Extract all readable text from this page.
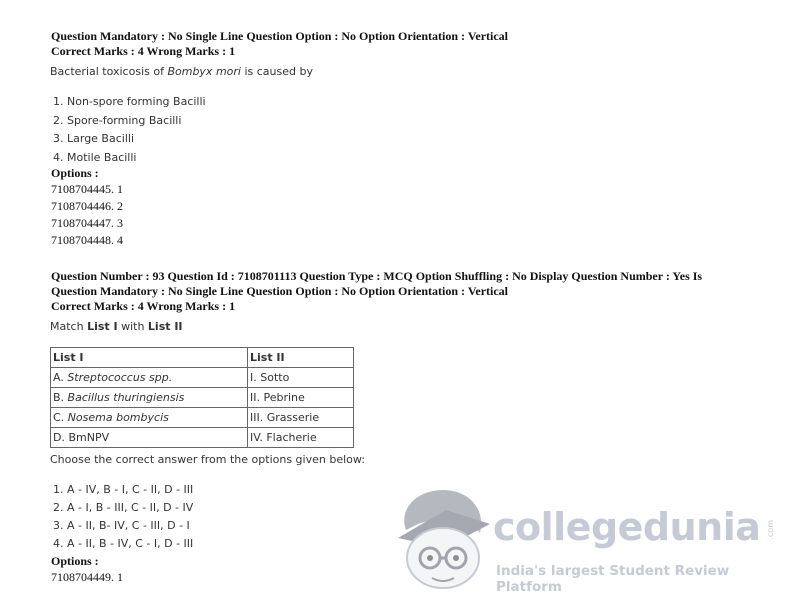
Question Mandatory : No Single Line Question Option : No Option Orientation : Vertical
Correct Marks : 4 Wrong Marks : 1
Bacterial toxicosis of Bombyx mori is caused by
1. Non-spore forming Bacilli
2. Spore-forming Bacilli
3. Large Bacilli
4. Motile Bacilli
Options :
7108704445. 1
7108704446. 2
7108704447. 3
7108704448. 4
Question Number : 93 Question Id : 7108701113 Question Type : MCQ Option Shuffling : No Display Question Number : Yes Is
Question Mandatory : No Single Line Question Option : No Option Orientation : Vertical
Correct Marks : 4 Wrong Marks : 1
Match List I with List II
List I	List II
A. Streptococcus spp.	I. Sotto
B. Bacillus thuringiensis	II. Pebrine
C. Nosema bombycis	III. Grasserie
D. BmNPV	IV. Flacherie
Choose the correct answer from the options given below:
1. A - IV, B - I, C - II, D - III
2. A - I, B - III, C - II, D - IV
3. A - II, B- IV, C - III, D - I
4. A - II, B - IV, C - I, D - III
Options :
7108704449. 1
collegedunia .com
India's largest Student Review Platform
